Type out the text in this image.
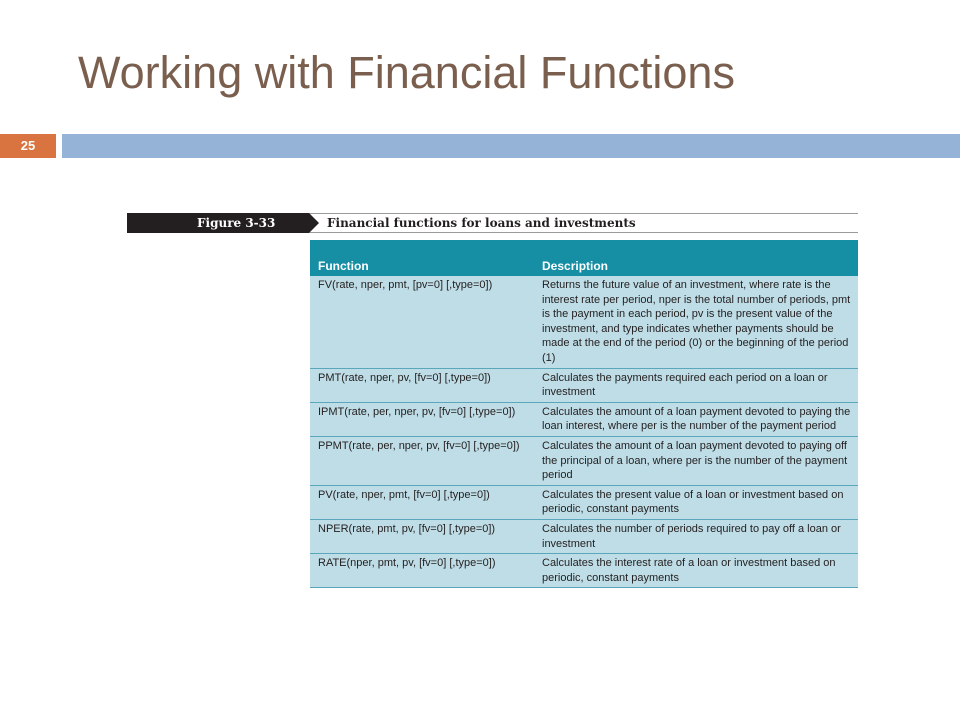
Working with Financial Functions
25
Figure 3-33	Financial functions for loans and investments
Function	Description
FV(rate, nper, pmt, [pv=0] [,type=0])	Returns the future value of an investment, where rate is the interest rate per period, nper is the total number of periods, pmt is the payment in each period, pv is the present value of the investment, and type indicates whether payments should be made at the end of the period (0) or the beginning of the period (1)
PMT(rate, nper, pv, [fv=0] [,type=0])	Calculates the payments required each period on a loan or investment
IPMT(rate, per, nper, pv, [fv=0] [,type=0])	Calculates the amount of a loan payment devoted to paying the loan interest, where per is the number of the payment period
PPMT(rate, per, nper, pv, [fv=0] [,type=0])	Calculates the amount of a loan payment devoted to paying off the principal of a loan, where per is the number of the payment period
PV(rate, nper, pmt, [fv=0] [,type=0])	Calculates the present value of a loan or investment based on periodic, constant payments
NPER(rate, pmt, pv, [fv=0] [,type=0])	Calculates the number of periods required to pay off a loan or investment
RATE(nper, pmt, pv, [fv=0] [,type=0])	Calculates the interest rate of a loan or investment based on periodic, constant payments
